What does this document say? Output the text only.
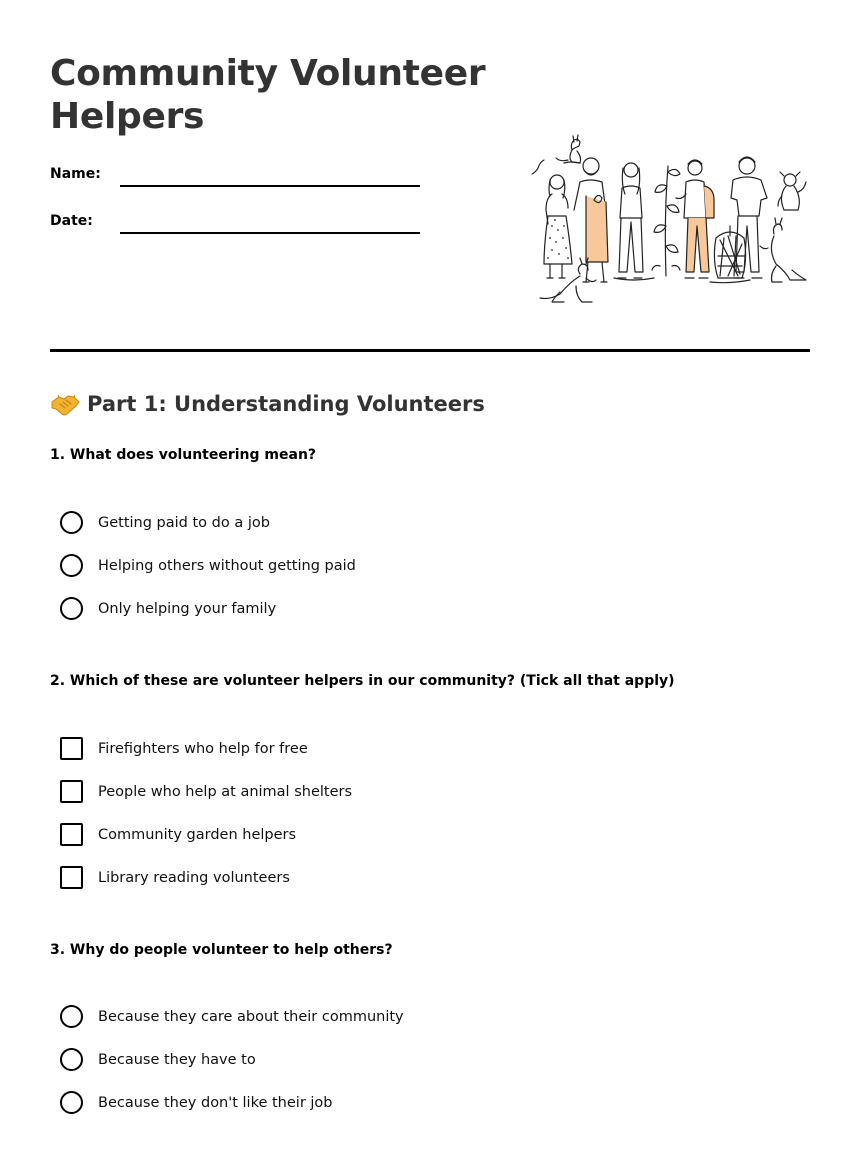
Community Volunteer Helpers
Name:
Date:
Part 1: Understanding Volunteers

1. What does volunteering mean?

Getting paid to do a job
Helping others without getting paid
Only helping your family

2. Which of these are volunteer helpers in our community? (Tick all that apply)

Firefighters who help for free
People who help at animal shelters
Community garden helpers
Library reading volunteers

3. Why do people volunteer to help others?

Because they care about their community
Because they have to
Because they don't like their job
